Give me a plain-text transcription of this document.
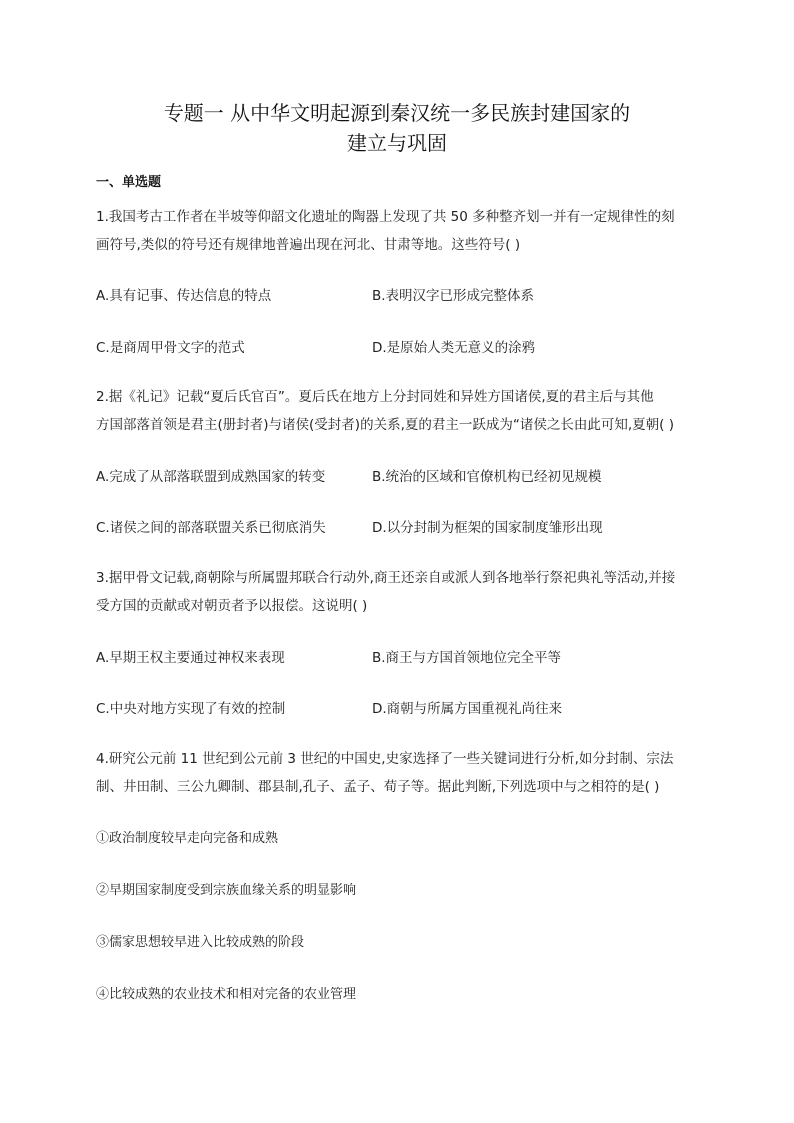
专题一 从中华文明起源到秦汉统一多民族封建国家的
建立与巩固
一、单选题
1.我国考古工作者在半坡等仰韶文化遗址的陶器上发现了共 50 多种整齐划一并有一定规律性的刻
画符号,类似的符号还有规律地普遍出现在河北、甘肃等地。这些符号( )
A.具有记事、传达信息的特点	B.表明汉字已形成完整体系
C.是商周甲骨文字的范式	D.是原始人类无意义的涂鸦
2.据《礼记》记载“夏后氏官百”。夏后氏在地方上分封同姓和异姓方国诸侯,夏的君主后与其他
方国部落首领是君主(册封者)与诸侯(受封者)的关系,夏的君主一跃成为“诸侯之长由此可知,夏朝( )
A.完成了从部落联盟到成熟国家的转变	B.统治的区域和官僚机构已经初见规模
C.诸侯之间的部落联盟关系已彻底消失	D.以分封制为框架的国家制度雏形出现
3.据甲骨文记载,商朝除与所属盟邦联合行动外,商王还亲自或派人到各地举行祭祀典礼等活动,并接
受方国的贡献或对朝贡者予以报偿。这说明( )
A.早期王权主要通过神权来表现	B.商王与方国首领地位完全平等
C.中央对地方实现了有效的控制	D.商朝与所属方国重视礼尚往来
4.研究公元前 11 世纪到公元前 3 世纪的中国史,史家选择了一些关键词进行分析,如分封制、宗法
制、井田制、三公九卿制、郡县制,孔子、孟子、荀子等。据此判断,下列选项中与之相符的是( )
①政治制度较早走向完备和成熟
②早期国家制度受到宗族血缘关系的明显影响
③儒家思想较早进入比较成熟的阶段
④比较成熟的农业技术和相对完备的农业管理
